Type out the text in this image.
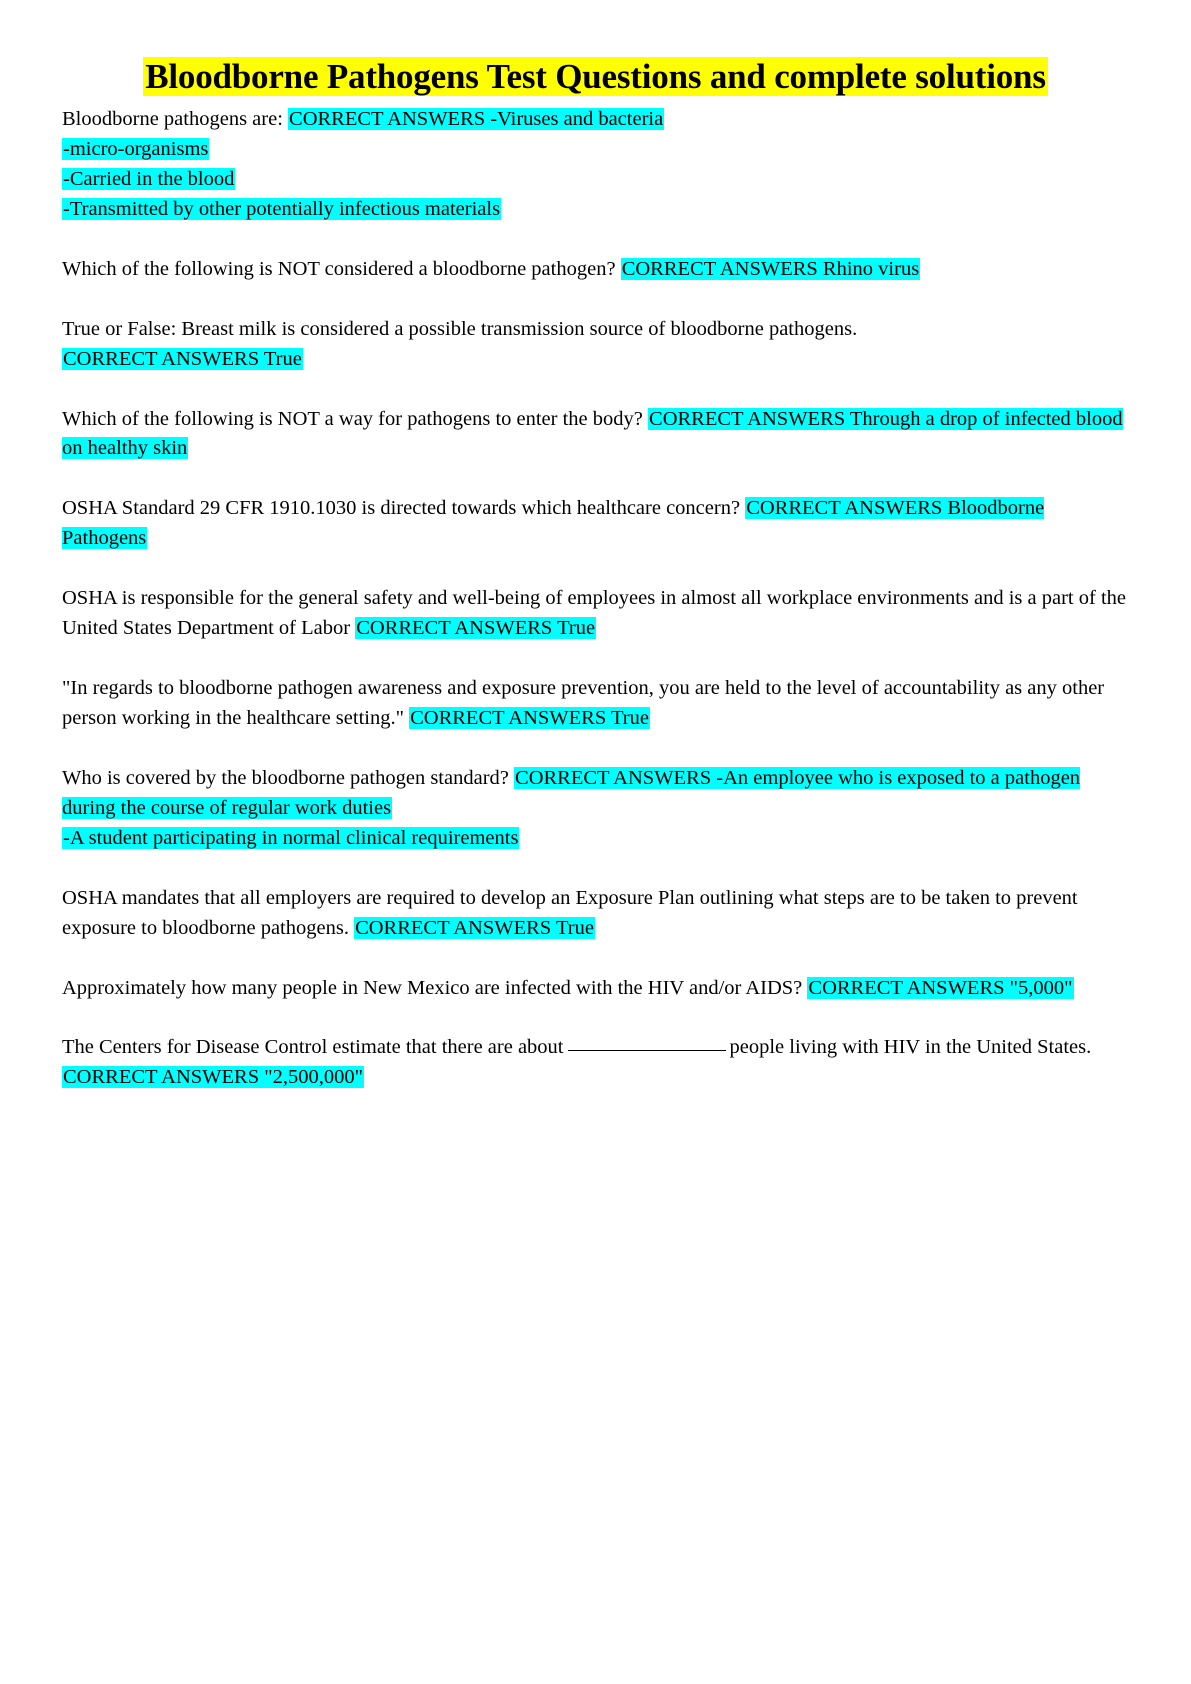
Bloodborne Pathogens Test Questions and complete solutions
Bloodborne pathogens are: CORRECT ANSWERS -Viruses and bacteria
-micro-organisms
-Carried in the blood
-Transmitted by other potentially infectious materials
Which of the following is NOT considered a bloodborne pathogen? CORRECT ANSWERS Rhino virus
True or False: Breast milk is considered a possible transmission source of bloodborne pathogens.
CORRECT ANSWERS True
Which of the following is NOT a way for pathogens to enter the body? CORRECT ANSWERS Through a drop of infected blood on healthy skin
OSHA Standard 29 CFR 1910.1030 is directed towards which healthcare concern? CORRECT ANSWERS Bloodborne Pathogens
OSHA is responsible for the general safety and well-being of employees in almost all workplace environments and is a part of the United States Department of Labor CORRECT ANSWERS True
"In regards to bloodborne pathogen awareness and exposure prevention, you are held to the level of accountability as any other person working in the healthcare setting." CORRECT ANSWERS True
Who is covered by the bloodborne pathogen standard? CORRECT ANSWERS -An employee who is exposed to a pathogen during the course of regular work duties
-A student participating in normal clinical requirements
OSHA mandates that all employers are required to develop an Exposure Plan outlining what steps are to be taken to prevent exposure to bloodborne pathogens. CORRECT ANSWERS True
Approximately how many people in New Mexico are infected with the HIV and/or AIDS? CORRECT ANSWERS "5,000"
The Centers for Disease Control estimate that there are about	people living with HIV in the United States. CORRECT ANSWERS "2,500,000"
